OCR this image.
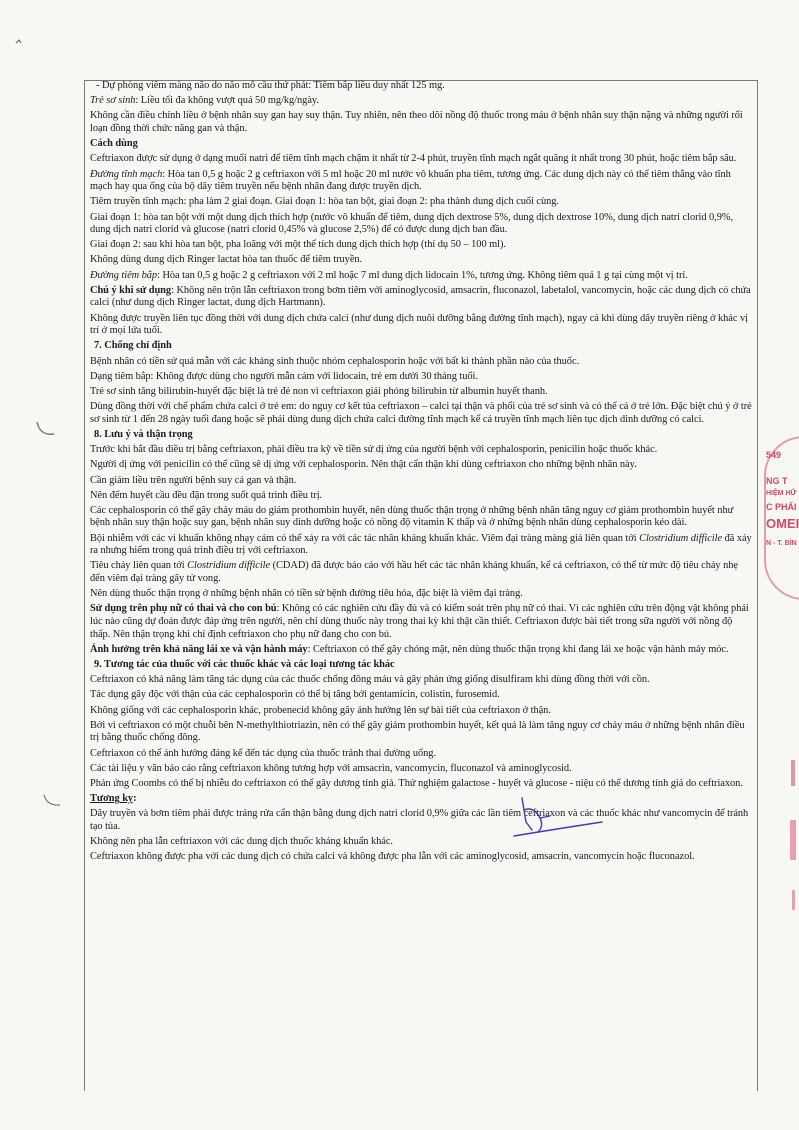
- Dự phòng viêm màng não do não mô cầu thứ phát: Tiêm bắp liều duy nhất 125 mg.

Trẻ sơ sinh: Liều tối đa không vượt quá 50 mg/kg/ngày.

Không cần điều chỉnh liều ở bệnh nhân suy gan hay suy thận. Tuy nhiên, nên theo dõi nồng độ thuốc trong máu ở bệnh nhân suy thận nặng và những người rối loạn đồng thời chức năng gan và thận.

Cách dùng

Ceftriaxon được sử dụng ở dạng muối natri để tiêm tĩnh mạch chậm ít nhất từ 2-4 phút, truyền tĩnh mạch ngắt quãng ít nhất trong 30 phút, hoặc tiêm bắp sâu.

Đường tĩnh mạch: Hòa tan 0,5 g hoặc 2 g ceftriaxon với 5 ml hoặc 20 ml nước vô khuẩn pha tiêm, tương ứng. Các dung dịch này có thể tiêm thẳng vào tĩnh mạch hay qua ống của bộ dây tiêm truyền nếu bệnh nhân đang được truyền dịch.

Tiêm truyền tĩnh mạch: pha làm 2 giai đoạn. Giai đoạn 1: hòa tan bột, giai đoạn 2: pha thành dung dịch cuối cùng.

Giai đoạn 1: hòa tan bột với một dung dịch thích hợp (nước vô khuẩn để tiêm, dung dịch dextrose 5%, dung dịch dextrose 10%, dung dịch natri clorid 0,9%, dung dịch natri clorid và glucose (natri clorid 0,45% và glucose 2,5%) để có được dung dịch ban đầu.

Giai đoạn 2: sau khi hòa tan bột, pha loãng với một thể tích dung dịch thích hợp (thí dụ 50 – 100 ml).

Không dùng dung dịch Ringer lactat hòa tan thuốc để tiêm truyền.

Đường tiêm bắp: Hòa tan 0,5 g hoặc 2 g ceftriaxon với 2 ml hoặc 7 ml dung dịch lidocain 1%, tương ứng. Không tiêm quá 1 g tại cùng một vị trí.

Chú ý khi sử dụng: Không nên trộn lẫn ceftriaxon trong bơm tiêm với aminoglycosid, amsacrin, fluconazol, labetalol, vancomycin, hoặc các dung dịch có chứa calci (như dung dịch Ringer lactat, dung dịch Hartmann).

Không được truyền liên tục đồng thời với dung dịch chứa calci (như dung dịch nuôi dưỡng bằng đường tĩnh mạch), ngay cả khi dùng dây truyền riêng ở khác vị trí ở mọi lứa tuổi.

7. Chống chỉ định

Bệnh nhân có tiền sử quá mẫn với các kháng sinh thuộc nhóm cephalosporin hoặc với bất kì thành phần nào của thuốc.

Dạng tiêm bắp: Không được dùng cho người mẫn cảm với lidocain, trẻ em dưới 30 tháng tuổi.

Trẻ sơ sinh tăng bilirubin-huyết đặc biệt là trẻ đẻ non vì ceftriaxon giải phóng bilirubin từ albumin huyết thanh.

Dùng đồng thời với chế phẩm chứa calci ở trẻ em: do nguy cơ kết tủa ceftriaxon – calci tại thận và phổi của trẻ sơ sinh và có thể cả ở trẻ lớn. Đặc biệt chú ý ở trẻ sơ sinh từ 1 đến 28 ngày tuổi đang hoặc sẽ phải dùng dung dịch chứa calci đường tĩnh mạch kể cả truyền tĩnh mạch liên tục dịch dinh dưỡng có calci.

8. Lưu ý và thận trọng

Trước khi bắt đầu điều trị bằng ceftriaxon, phải điều tra kỹ về tiền sử dị ứng của người bệnh với cephalosporin, penicilin hoặc thuốc khác.

Người dị ứng với penicilin có thể cũng sẽ dị ứng với cephalosporin. Nên thật cẩn thận khi dùng ceftriaxon cho những bệnh nhân này.

Cần giảm liều trên người bệnh suy cả gan và thận.

Nên đếm huyết cầu đều đặn trong suốt quá trình điều trị.

Các cephalosporin có thể gây chảy máu do giảm prothombin huyết, nên dùng thuốc thận trọng ở những bệnh nhân tăng nguy cơ giảm prothombin huyết như bệnh nhân suy thận hoặc suy gan, bệnh nhân suy dinh dưỡng hoặc có nồng độ vitamin K thấp và ở những bệnh nhân dùng cephalosporin kéo dài.

Bội nhiễm với các vi khuẩn không nhạy cảm có thể xảy ra với các tác nhân kháng khuẩn khác. Viêm đại tràng màng giả liên quan tới Clostridium difficile đã xảy ra nhưng hiếm trong quá trình điều trị với ceftriaxon.

Tiêu chảy liên quan tới Clostridium difficile (CDAD) đã được báo cáo với hầu hết các tác nhân kháng khuẩn, kể cả ceftriaxon, có thể từ mức độ tiêu chảy nhẹ đến viêm đại tràng gây tử vong.

Nên dùng thuốc thận trọng ở những bệnh nhân có tiền sử bệnh đường tiêu hóa, đặc biệt là viêm đại tràng.

Sử dụng trên phụ nữ có thai và cho con bú: Không có các nghiên cứu đầy đủ và có kiểm soát trên phụ nữ có thai. Vì các nghiên cứu trên động vật không phải lúc nào cũng dự đoán được đáp ứng trên người, nên chỉ dùng thuốc này trong thai kỳ khi thật cần thiết. Ceftriaxon được bài tiết trong sữa người với nồng độ thấp. Nên thận trọng khi chỉ định ceftriaxon cho phụ nữ đang cho con bú.

Ảnh hưởng trên khả năng lái xe và vận hành máy: Ceftriaxon có thể gây chóng mặt, nên dùng thuốc thận trọng khi đang lái xe hoặc vận hành máy móc.

9. Tương tác của thuốc với các thuốc khác và các loại tương tác khác

Ceftriaxon có khả năng làm tăng tác dụng của các thuốc chống đông máu và gây phản ứng giống disulfiram khi dùng đồng thời với cồn.

Tác dụng gây độc với thận của các cephalosporin có thể bị tăng bởi gentamicin, colistin, furosemid.

Không giống với các cephalosporin khác, probenecid không gây ảnh hưởng lên sự bài tiết của ceftriaxon ở thận.

Bởi vì ceftriaxon có một chuỗi bên N-methylthiotriazin, nên có thể gây giảm prothombin huyết, kết quả là làm tăng nguy cơ chảy máu ở những bệnh nhân điều trị bằng thuốc chống đông.

Ceftriaxon có thể ảnh hưởng đáng kể đến tác dụng của thuốc tránh thai đường uống.

Các tài liệu y văn báo cáo rằng ceftriaxon không tương hợp với amsacrin, vancomycin, fluconazol và aminoglycosid.

Phản ứng Coombs có thể bị nhiễu do ceftriaxon có thể gây dương tính giả. Thử nghiệm galactose - huyết và glucose - niệu có thể dương tính giả do ceftriaxon.

Tương kỵ:

Dây truyền và bơm tiêm phải được tráng rửa cẩn thận bằng dung dịch natri clorid 0,9% giữa các lần tiêm ceftriaxon và các thuốc khác như vancomycin để tránh tạo tủa.

Không nên pha lẫn ceftriaxon với các dung dịch thuốc kháng khuẩn khác.

Ceftriaxon không được pha với các dung dịch có chứa calci và không được pha lẫn với các aminoglycosid, amsacrin, vancomycin hoặc fluconazol.

549
NG T
HIỆM HỮ
C PHẨI
OMEI
N - T. BÌN
